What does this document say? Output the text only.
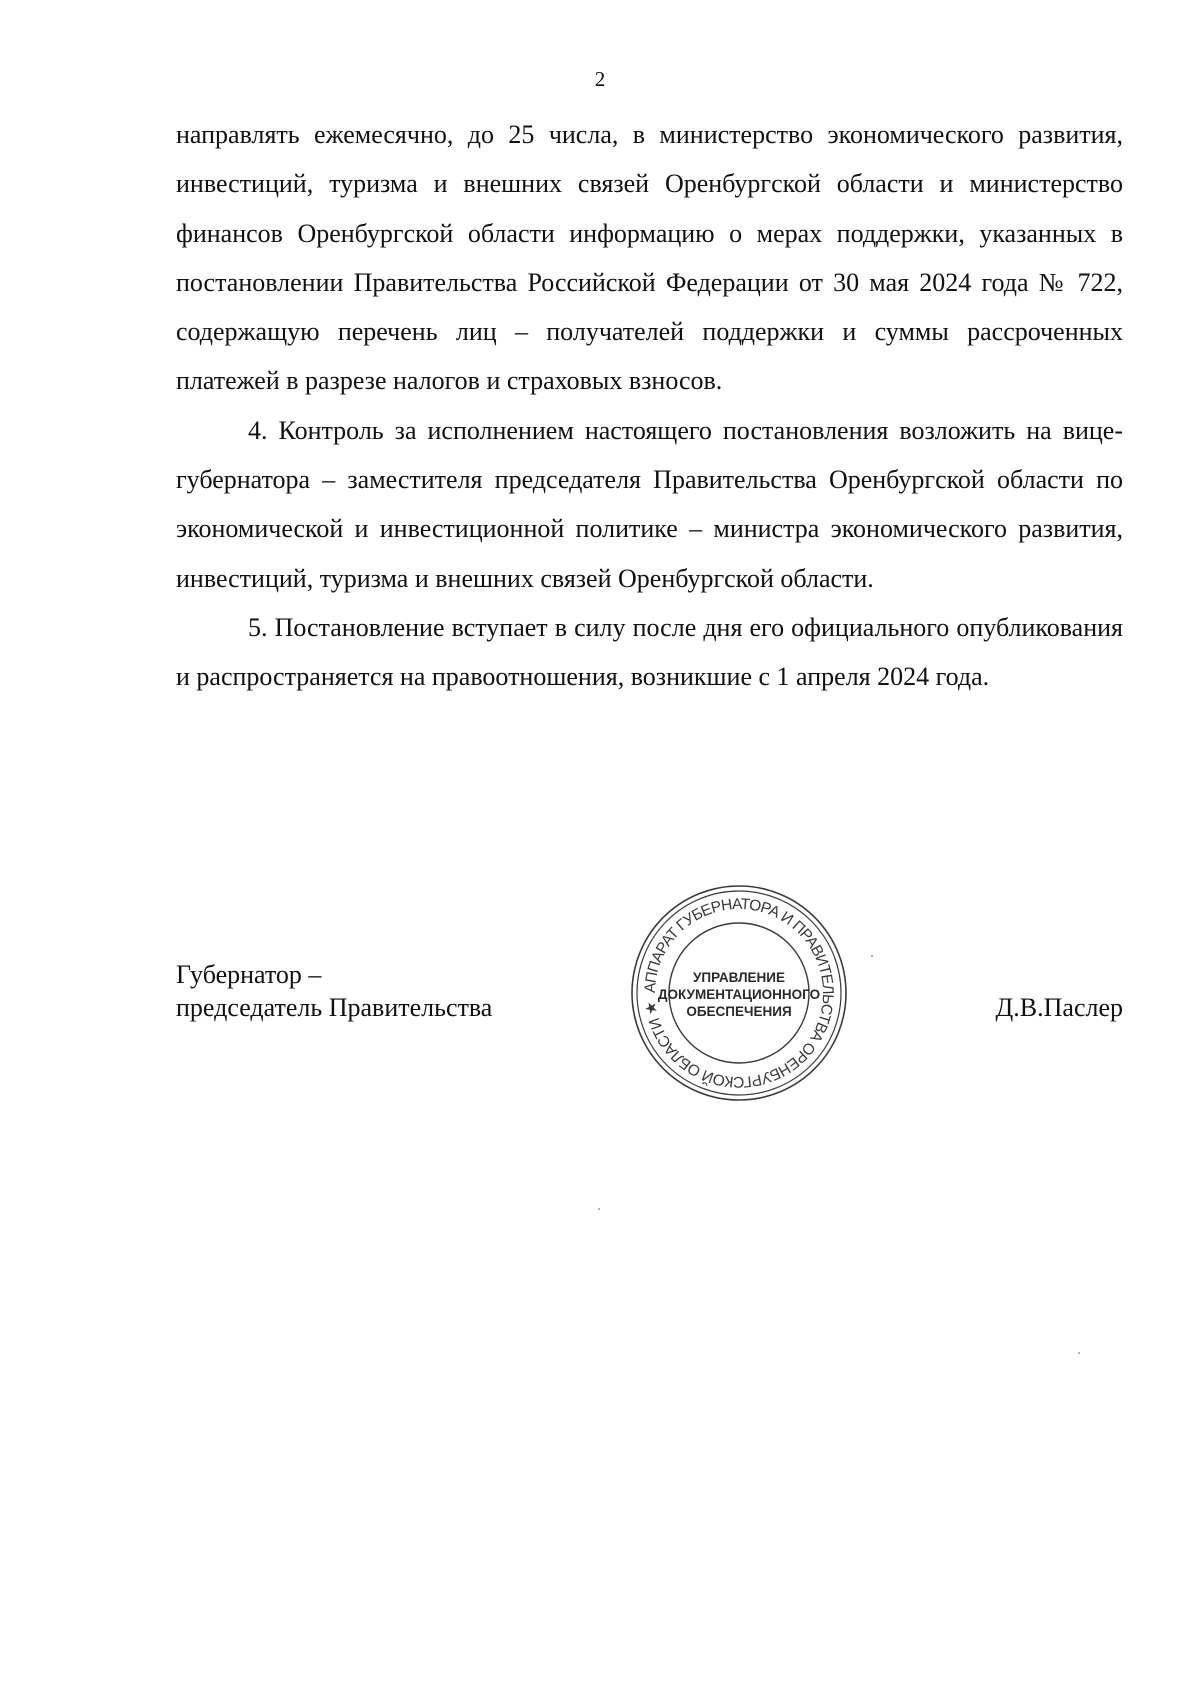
2

направлять ежемесячно, до 25 числа, в министерство экономического развития, инвестиций, туризма и внешних связей Оренбургской области и министерство финансов Оренбургской области информацию о мерах поддержки, указанных в постановлении Правительства Российской Федерации от 30 мая 2024 года № 722, содержащую перечень лиц – получателей поддержки и суммы рассроченных платежей в разрезе налогов и страховых взносов.

4. Контроль за исполнением настоящего постановления возложить на вице-губернатора – заместителя председателя Правительства Оренбургской области по экономической и инвестиционной политике – министра экономического развития, инвестиций, туризма и внешних связей Оренбургской области.

5. Постановление вступает в силу после дня его официального опубликования и распространяется на правоотношения, возникшие с 1 апреля 2024 года.

Губернатор –
председатель Правительства	Д.В.Паслер
АППАРАТ ГУБЕРНАТОРА И ПРАВИТЕЛЬСТВА ОРЕНБУРГСКОЙ ОБЛАСТИ ★
УПРАВЛЕНИЕ
ДОКУМЕНТАЦИОННОГО
ОБЕСПЕЧЕНИЯ
